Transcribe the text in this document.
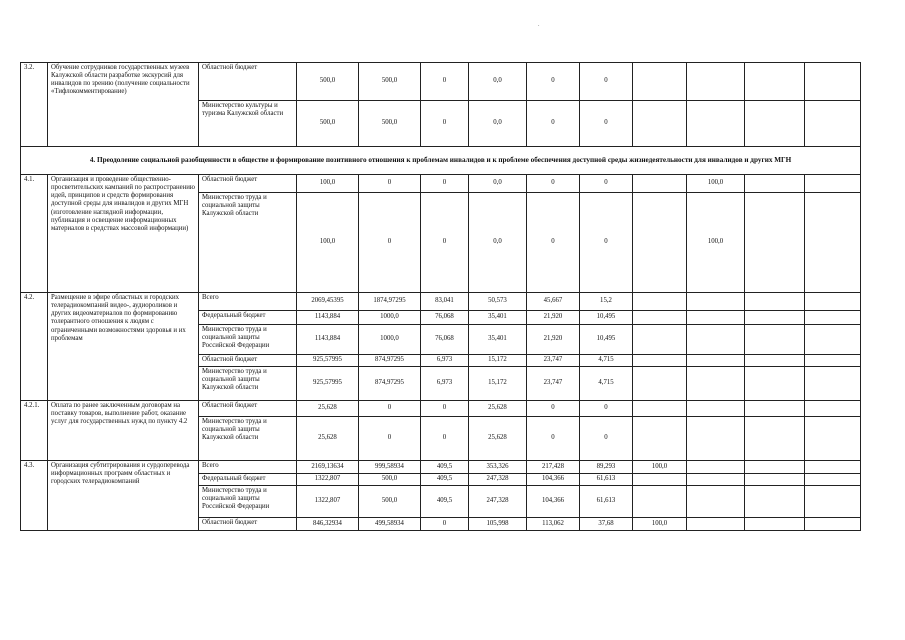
.
3.2.	Обучение сотрудников государственных музеев Калужской области разработке экскурсий для инвалидов по зрению (получение социальности «Тифлокомментирование)	Областной бюджет	500,0	500,0	0	0,0	0	0				
		Министерство культуры и туризма Калужской области	500,0	500,0	0	0,0	0	0				
4. Преодоление социальной разобщенности в обществе и формирование позитивного отношения к проблемам инвалидов и к проблеме обеспечения доступной среды жизнедеятельности для инвалидов и других МГН												
4.1.	Организация и проведение общественно-просветительских кампаний по распространению идей, принципов и средств формирования доступной среды для инвалидов и других МГН (изготовление наглядной информации, публикация и освещение информационных материалов в средствах массовой информации)	Областной бюджет	100,0	0	0	0,0	0	0		100,0		
		Министерство труда и социальной защиты Калужской области	100,0	0	0	0,0	0	0		100,0		
4.2.	Размещение в эфире областных и городских телерадиокомпаний видео-, аудиороликов и других видеоматериалов по формированию толерантного отношения к людям с ограниченными возможностями здоровья и их проблемам	Всего	2069,45395	1874,97295	83,041	50,573	45,667	15,2				
		Федеральный бюджет	1143,884	1000,0	76,068	35,401	21,920	10,495				
		Министерство труда и социальной защиты Российской Федерации	1143,884	1000,0	76,068	35,401	21,920	10,495				
		Областной бюджет	925,57995	874,97295	6,973	15,172	23,747	4,715				
		Министерство труда и социальной защиты Калужской области	925,57995	874,97295	6,973	15,172	23,747	4,715				
4.2.1.	Оплата по ранее заключенным договорам на поставку товаров, выполнение работ, оказание услуг для государственных нужд по пункту 4.2	Областной бюджет	25,628	0	0	25,628	0	0				
		Министерство труда и социальной защиты Калужской области	25,628	0	0	25,628	0	0				
4.3.	Организация субтитрирования и сурдоперевода информационных программ областных и городских телерадиокомпаний	Всего	2169,13634	999,58934	409,5	353,326	217,428	89,293	100,0			
		Федеральный бюджет	1322,807	500,0	409,5	247,328	104,366	61,613				
		Министерство труда и социальной защиты Российской Федерации	1322,807	500,0	409,5	247,328	104,366	61,613				
		Областной бюджет	846,32934	499,58934	0	105,998	113,062	37,68	100,0			
